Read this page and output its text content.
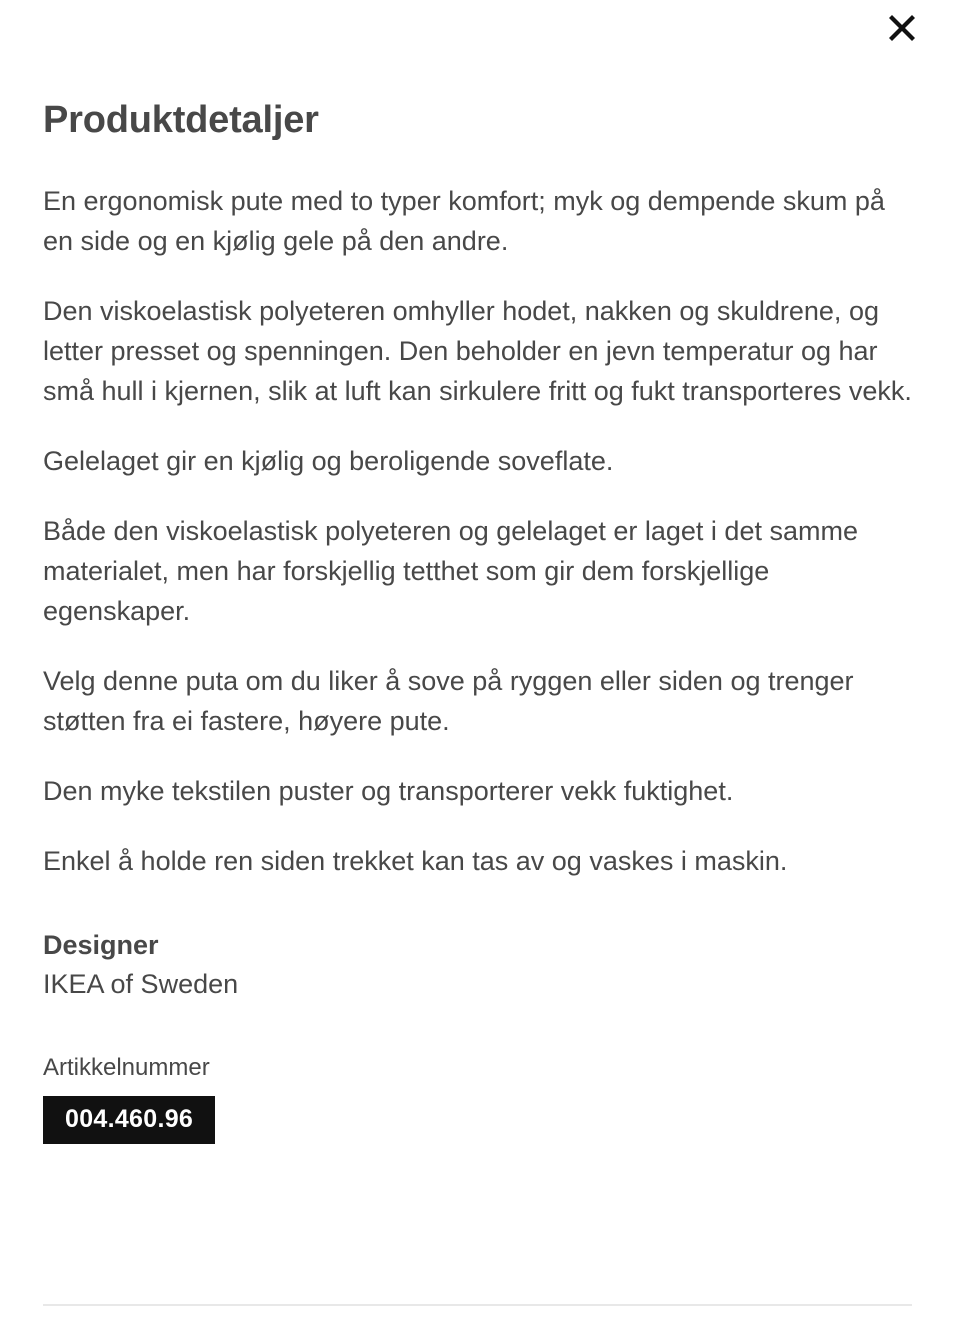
Produktdetaljer

En ergonomisk pute med to typer komfort; myk og dempende skum på en side og en kjølig gele på den andre.

Den viskoelastisk polyeteren omhyller hodet, nakken og skuldrene, og letter presset og spenningen. Den beholder en jevn temperatur og har små hull i kjernen, slik at luft kan sirkulere fritt og fukt transporteres vekk.

Gelelaget gir en kjølig og beroligende soveflate.

Både den viskoelastisk polyeteren og gelelaget er laget i det samme materialet, men har forskjellig tetthet som gir dem forskjellige egenskaper.

Velg denne puta om du liker å sove på ryggen eller siden og trenger støtten fra ei fastere, høyere pute.

Den myke tekstilen puster og transporterer vekk fuktighet.

Enkel å holde ren siden trekket kan tas av og vaskes i maskin.

Designer

IKEA of Sweden

Artikkelnummer

004.460.96
